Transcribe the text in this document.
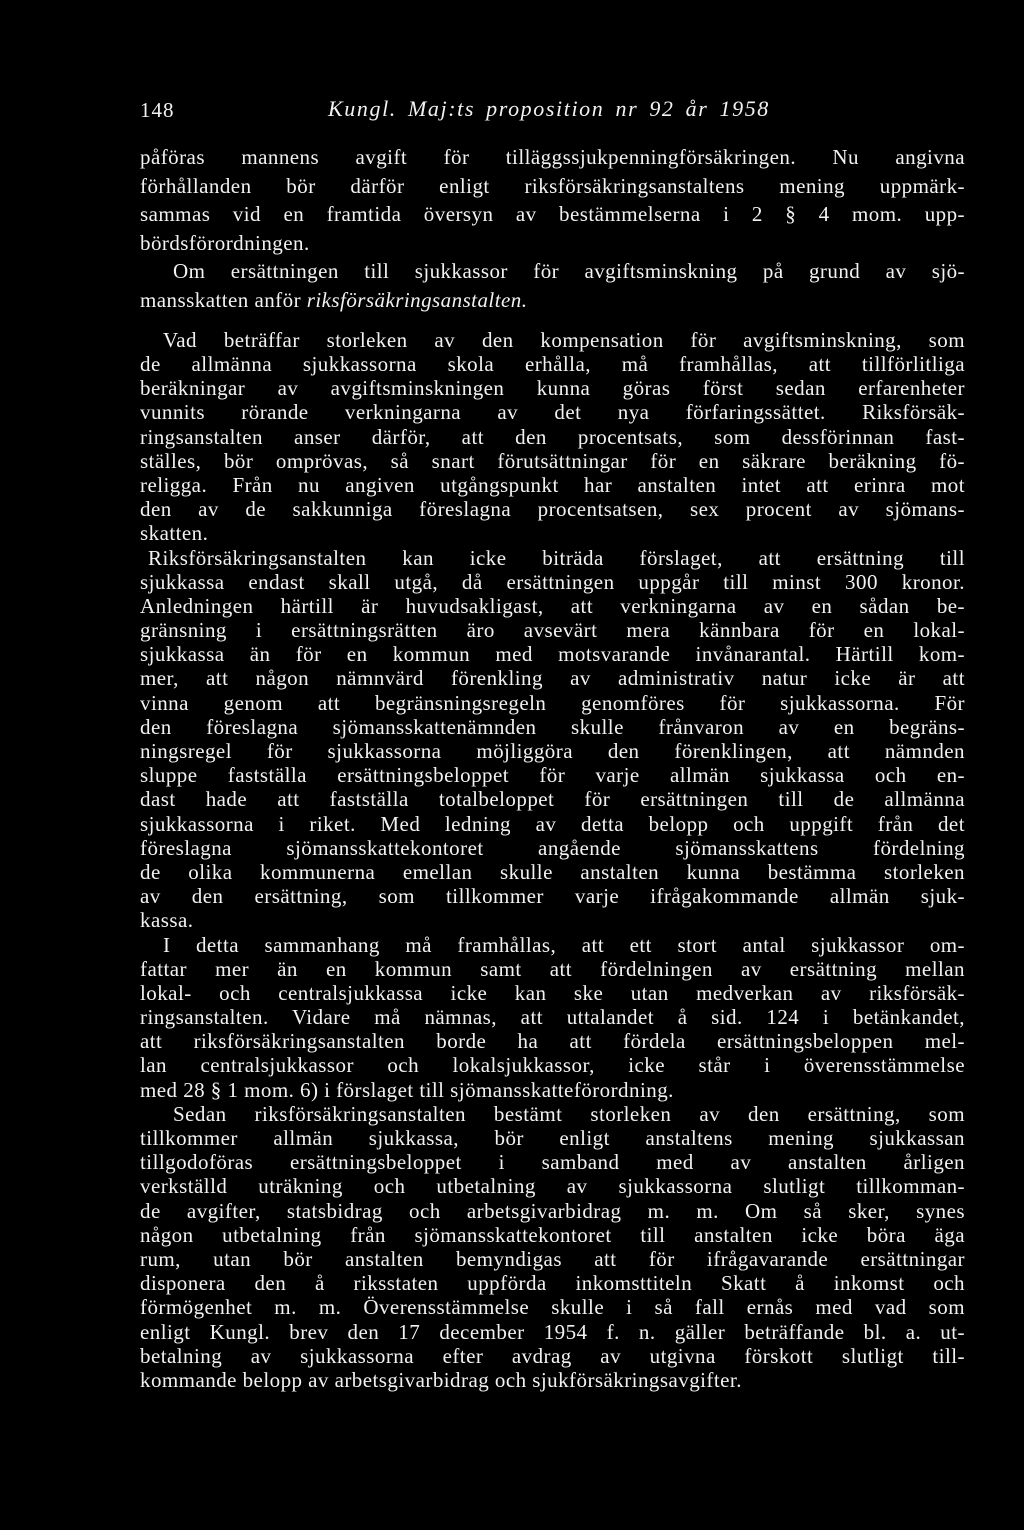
148	Kungl. Maj:ts proposition nr 92 år 1958
påföras mannens avgift för tilläggssjukpenningförsäkringen. Nu angivna
förhållanden bör därför enligt riksförsäkringsanstaltens mening uppmärk-
sammas vid en framtida översyn av bestämmelserna i 2 § 4 mom. upp-
bördsförordningen.
Om ersättningen till sjukkassor för avgiftsminskning på grund av sjö-
mansskatten anför riksförsäkringsanstalten.
Vad beträffar storleken av den kompensation för avgiftsminskning, som
de allmänna sjukkassorna skola erhålla, må framhållas, att tillförlitliga
beräkningar av avgiftsminskningen kunna göras först sedan erfarenheter
vunnits rörande verkningarna av det nya förfaringssättet. Riksförsäk-
ringsanstalten anser därför, att den procentsats, som dessförinnan fast-
ställes, bör omprövas, så snart förutsättningar för en säkrare beräkning fö-
religga. Från nu angiven utgångspunkt har anstalten intet att erinra mot
den av de sakkunniga föreslagna procentsatsen, sex procent av sjömans-
skatten.
Riksförsäkringsanstalten kan icke biträda förslaget, att ersättning till
sjukkassa endast skall utgå, då ersättningen uppgår till minst 300 kronor.
Anledningen härtill är huvudsakligast, att verkningarna av en sådan be-
gränsning i ersättningsrätten äro avsevärt mera kännbara för en lokal-
sjukkassa än för en kommun med motsvarande invånarantal. Härtill kom-
mer, att någon nämnvärd förenkling av administrativ natur icke är att
vinna genom att begränsningsregeln genomföres för sjukkassorna. För
den föreslagna sjömansskattenämnden skulle frånvaron av en begräns-
ningsregel för sjukkassorna möjliggöra den förenklingen, att nämnden
sluppe fastställa ersättningsbeloppet för varje allmän sjukkassa och en-
dast hade att fastställa totalbeloppet för ersättningen till de allmänna
sjukkassorna i riket. Med ledning av detta belopp och uppgift från det
föreslagna sjömansskattekontoret angående sjömansskattens fördelning
de olika kommunerna emellan skulle anstalten kunna bestämma storleken
av den ersättning, som tillkommer varje ifrågakommande allmän sjuk-
kassa.
I detta sammanhang må framhållas, att ett stort antal sjukkassor om-
fattar mer än en kommun samt att fördelningen av ersättning mellan
lokal- och centralsjukkassa icke kan ske utan medverkan av riksförsäk-
ringsanstalten. Vidare må nämnas, att uttalandet å sid. 124 i betänkandet,
att riksförsäkringsanstalten borde ha att fördela ersättningsbeloppen mel-
lan centralsjukkassor och lokalsjukkassor, icke står i överensstämmelse
med 28 § 1 mom. 6) i förslaget till sjömansskatteförordning.
Sedan riksförsäkringsanstalten bestämt storleken av den ersättning, som
tillkommer allmän sjukkassa, bör enligt anstaltens mening sjukkassan
tillgodoföras ersättningsbeloppet i samband med av anstalten årligen
verkställd uträkning och utbetalning av sjukkassorna slutligt tillkomman-
de avgifter, statsbidrag och arbetsgivarbidrag m. m. Om så sker, synes
någon utbetalning från sjömansskattekontoret till anstalten icke böra äga
rum, utan bör anstalten bemyndigas att för ifrågavarande ersättningar
disponera den å riksstaten uppförda inkomsttiteln Skatt å inkomst och
förmögenhet m. m. Överensstämmelse skulle i så fall ernås med vad som
enligt Kungl. brev den 17 december 1954 f. n. gäller beträffande bl. a. ut-
betalning av sjukkassorna efter avdrag av utgivna förskott slutligt till-
kommande belopp av arbetsgivarbidrag och sjukförsäkringsavgifter.
